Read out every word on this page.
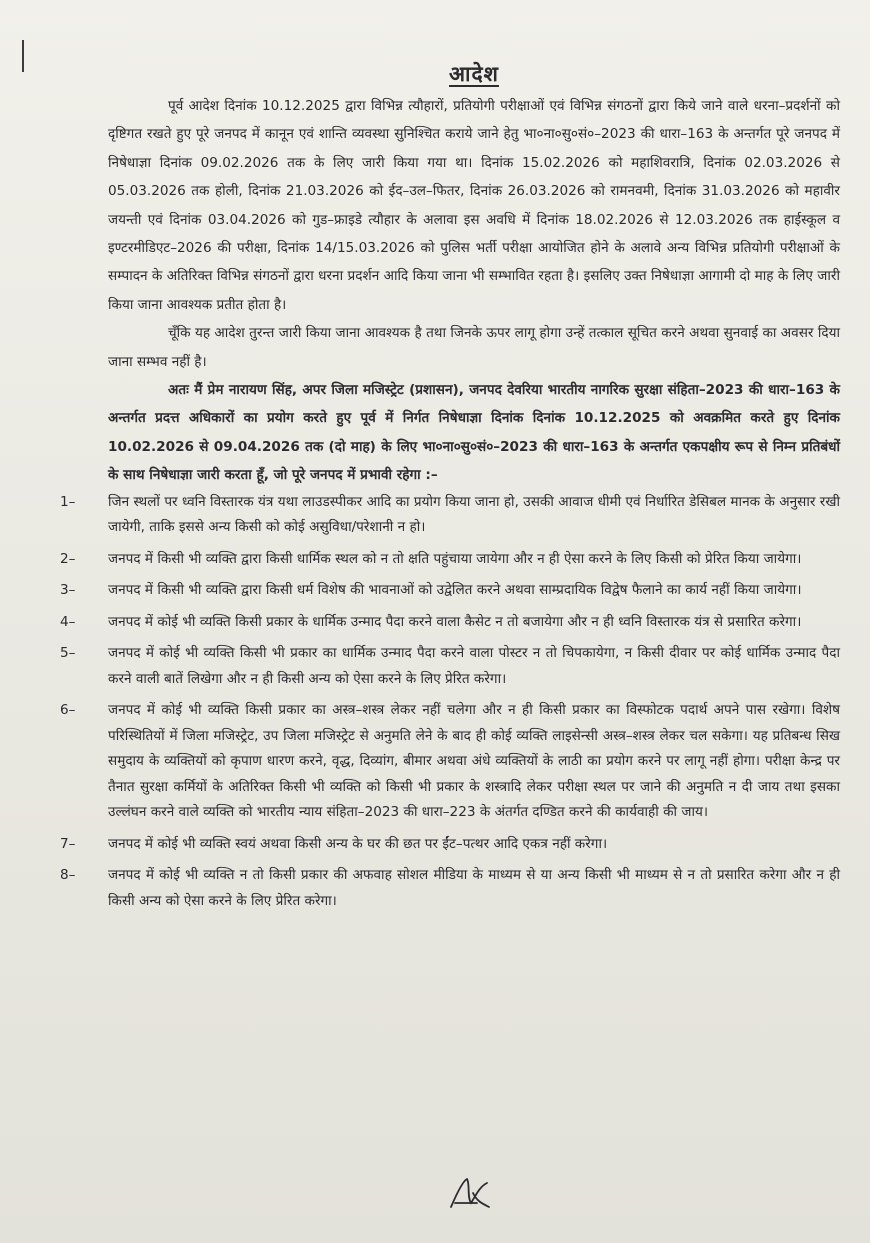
आदेश

पूर्व आदेश दिनांक 10.12.2025 द्वारा विभिन्न त्यौहारों, प्रतियोगी परीक्षाओं एवं विभिन्न संगठनों द्वारा किये जाने वाले धरना–प्रदर्शनों को दृष्टिगत रखते हुए पूरे जनपद में कानून एवं शान्ति व्यवस्था सुनिश्चित कराये जाने हेतु भा०ना०सु०सं०–2023 की धारा–163 के अन्तर्गत पूरे जनपद में निषेधाज्ञा दिनांक 09.02.2026 तक के लिए जारी किया गया था। दिनांक 15.02.2026 को महाशिवरात्रि, दिनांक 02.03.2026 से 05.03.2026 तक होली, दिनांक 21.03.2026 को ईद–उल–फितर, दिनांक 26.03.2026 को रामनवमी, दिनांक 31.03.2026 को महावीर जयन्ती एवं दिनांक 03.04.2026 को गुड–फ्राइडे त्यौहार के अलावा इस अवधि में दिनांक 18.02.2026 से 12.03.2026 तक हाईस्कूल व इण्टरमीडिएट–2026 की परीक्षा, दिनांक 14/15.03.2026 को पुलिस भर्ती परीक्षा आयोजित होने के अलावे अन्य विभिन्न प्रतियोगी परीक्षाओं के सम्पादन के अतिरिक्त विभिन्न संगठनों द्वारा धरना प्रदर्शन आदि किया जाना भी सम्भावित रहता है। इसलिए उक्त निषेधाज्ञा आगामी दो माह के लिए जारी किया जाना आवश्यक प्रतीत होता है।

चूँकि यह आदेश तुरन्त जारी किया जाना आवश्यक है तथा जिनके ऊपर लागू होगा उन्हें तत्काल सूचित करने अथवा सुनवाई का अवसर दिया जाना सम्भव नहीं है।

अतः मैं प्रेम नारायण सिंह, अपर जिला मजिस्ट्रेट (प्रशासन), जनपद देवरिया भारतीय नागरिक सुरक्षा संहिता–2023 की धारा–163 के अन्तर्गत प्रदत्त अधिकारों का प्रयोग करते हुए पूर्व में निर्गत निषेधाज्ञा दिनांक दिनांक 10.12.2025 को अवक्रमित करते हुए दिनांक 10.02.2026 से 09.04.2026 तक (दो माह) के लिए भा०ना०सु०सं०–2023 की धारा–163 के अन्तर्गत एकपक्षीय रूप से निम्न प्रतिबंधों के साथ निषेधाज्ञा जारी करता हूँ, जो पूरे जनपद में प्रभावी रहेगा :–

1–	जिन स्थलों पर ध्वनि विस्तारक यंत्र यथा लाउडस्पीकर आदि का प्रयोग किया जाना हो, उसकी आवाज धीमी एवं निर्धारित डेसिबल मानक के अनुसार रखी जायेगी, ताकि इससे अन्य किसी को कोई असुविधा/परेशानी न हो।
2–	जनपद में किसी भी व्यक्ति द्वारा किसी धार्मिक स्थल को न तो क्षति पहुंचाया जायेगा और न ही ऐसा करने के लिए किसी को प्रेरित किया जायेगा।
3–	जनपद में किसी भी व्यक्ति द्वारा किसी धर्म विशेष की भावनाओं को उद्वेलित करने अथवा साम्प्रदायिक विद्वेष फैलाने का कार्य नहीं किया जायेगा।
4–	जनपद में कोई भी व्यक्ति किसी प्रकार के धार्मिक उन्माद पैदा करने वाला कैसेट न तो बजायेगा और न ही ध्वनि विस्तारक यंत्र से प्रसारित करेगा।
5–	जनपद में कोई भी व्यक्ति किसी भी प्रकार का धार्मिक उन्माद पैदा करने वाला पोस्टर न तो चिपकायेगा, न किसी दीवार पर कोई धार्मिक उन्माद पैदा करने वाली बातें लिखेगा और न ही किसी अन्य को ऐसा करने के लिए प्रेरित करेगा।
6–	जनपद में कोई भी व्यक्ति किसी प्रकार का अस्त्र–शस्त्र लेकर नहीं चलेगा और न ही किसी प्रकार का विस्फोटक पदार्थ अपने पास रखेगा। विशेष परिस्थितियों में जिला मजिस्ट्रेट, उप जिला मजिस्ट्रेट से अनुमति लेने के बाद ही कोई व्यक्ति लाइसेन्सी अस्त्र–शस्त्र लेकर चल सकेगा। यह प्रतिबन्ध सिख समुदाय के व्यक्तियों को कृपाण धारण करने, वृद्ध, दिव्यांग, बीमार अथवा अंधे व्यक्तियों के लाठी का प्रयोग करने पर लागू नहीं होगा। परीक्षा केन्द्र पर तैनात सुरक्षा कर्मियों के अतिरिक्त किसी भी व्यक्ति को किसी भी प्रकार के शस्त्रादि लेकर परीक्षा स्थल पर जाने की अनुमति न दी जाय तथा इसका उल्लंघन करने वाले व्यक्ति को भारतीय न्याय संहिता–2023 की धारा–223 के अंतर्गत दण्डित करने की कार्यवाही की जाय।
7–	जनपद में कोई भी व्यक्ति स्वयं अथवा किसी अन्य के घर की छत पर ईंट–पत्थर आदि एकत्र नहीं करेगा।
8–	जनपद में कोई भी व्यक्ति न तो किसी प्रकार की अफवाह सोशल मीडिया के माध्यम से या अन्य किसी भी माध्यम से न तो प्रसारित करेगा और न ही किसी अन्य को ऐसा करने के लिए प्रेरित करेगा।
